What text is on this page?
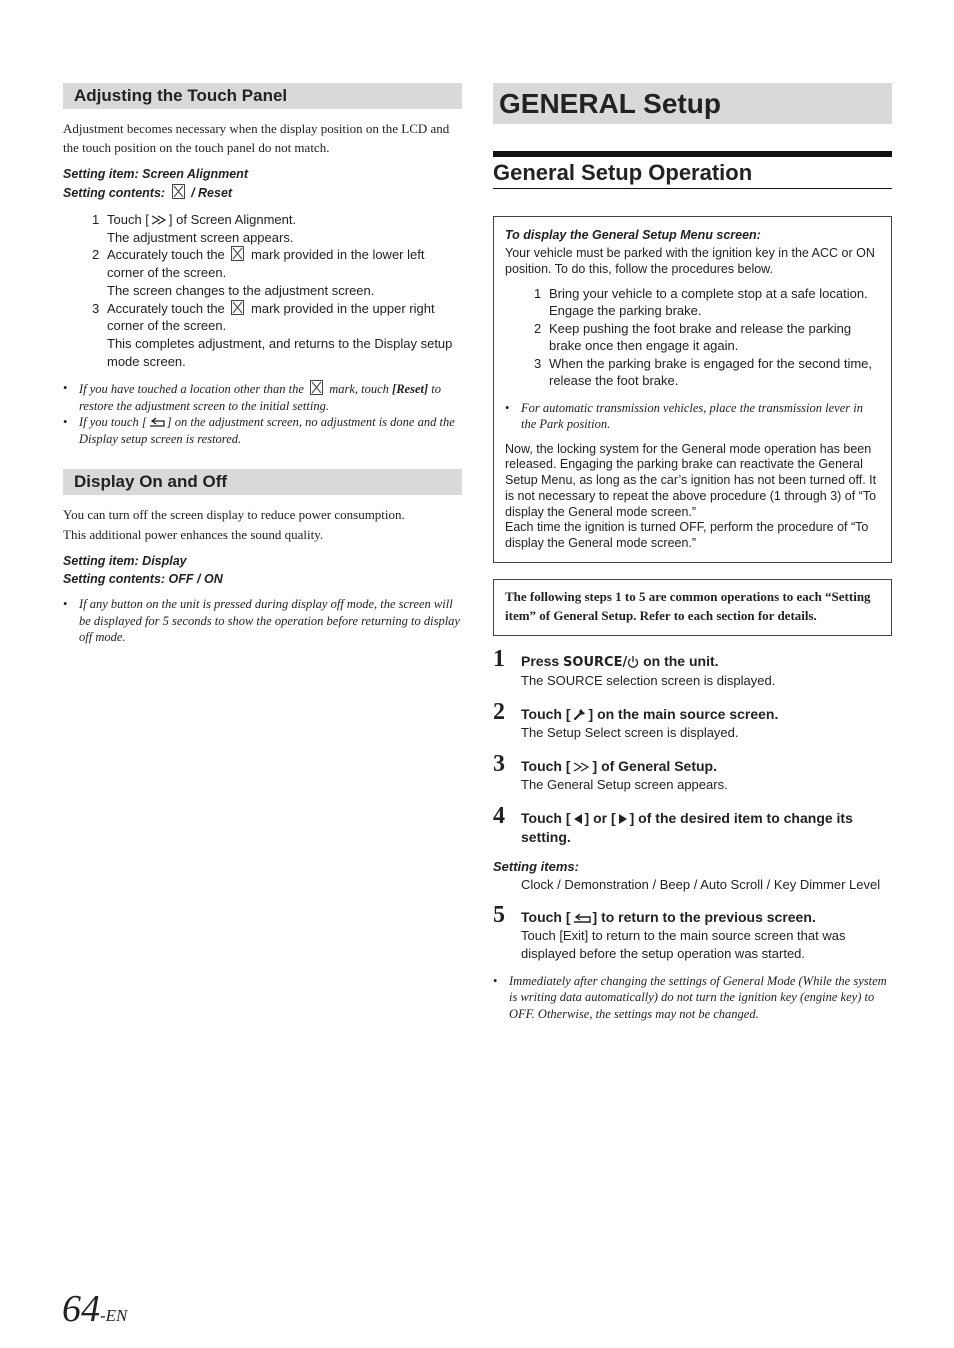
Adjusting the Touch Panel

Adjustment becomes necessary when the display position on the LCD and the touch position on the touch panel do not match.

Setting item: Screen Alignment
Setting contents: / Reset
1 Touch [ ] of Screen Alignment.
The adjustment screen appears.
2 Accurately touch the mark provided in the lower left corner of the screen.
The screen changes to the adjustment screen.
3 Accurately touch the mark provided in the upper right corner of the screen.
This completes adjustment, and returns to the Display setup mode screen.
• If you have touched a location other than the mark, touch [Reset] to restore the adjustment screen to the initial setting.
• If you touch [ ] on the adjustment screen, no adjustment is done and the Display setup screen is restored.
Display On and Off

You can turn off the screen display to reduce power consumption.

This additional power enhances the sound quality.

Setting item: Display
Setting contents: OFF / ON
• If any button on the unit is pressed during display off mode, the screen will be displayed for 5 seconds to show the operation before returning to display off mode.
GENERAL Setup
General Setup Operation
To display the General Setup Menu screen:
Your vehicle must be parked with the ignition key in the ACC or ON position. To do this, follow the procedures below.
1 Bring your vehicle to a complete stop at a safe location. Engage the parking brake.
2 Keep pushing the foot brake and release the parking brake once then engage it again.
3 When the parking brake is engaged for the second time, release the foot brake.
• For automatic transmission vehicles, place the transmission lever in the Park position.
Now, the locking system for the General mode operation has been released. Engaging the parking brake can reactivate the General Setup Menu, as long as the car’s ignition has not been turned off. It is not necessary to repeat the above procedure (1 through 3) of “To display the General mode screen.”
Each time the ignition is turned OFF, perform the procedure of “To display the General mode screen.”
The following steps 1 to 5 are common operations to each “Setting item” of General Setup. Refer to each section for details.
1 Press SOURCE/ on the unit.
The SOURCE selection screen is displayed.
2 Touch [ ] on the main source screen.
The Setup Select screen is displayed.
3 Touch [ ] of General Setup.
The General Setup screen appears.
4 Touch [ ] or [ ] of the desired item to change its setting.
Setting items:
Clock / Demonstration / Beep / Auto Scroll / Key Dimmer Level
5 Touch [ ] to return to the previous screen.
Touch [Exit] to return to the main source screen that was displayed before the setup operation was started.
• Immediately after changing the settings of General Mode (While the system is writing data automatically) do not turn the ignition key (engine key) to OFF. Otherwise, the settings may not be changed.
64-EN
